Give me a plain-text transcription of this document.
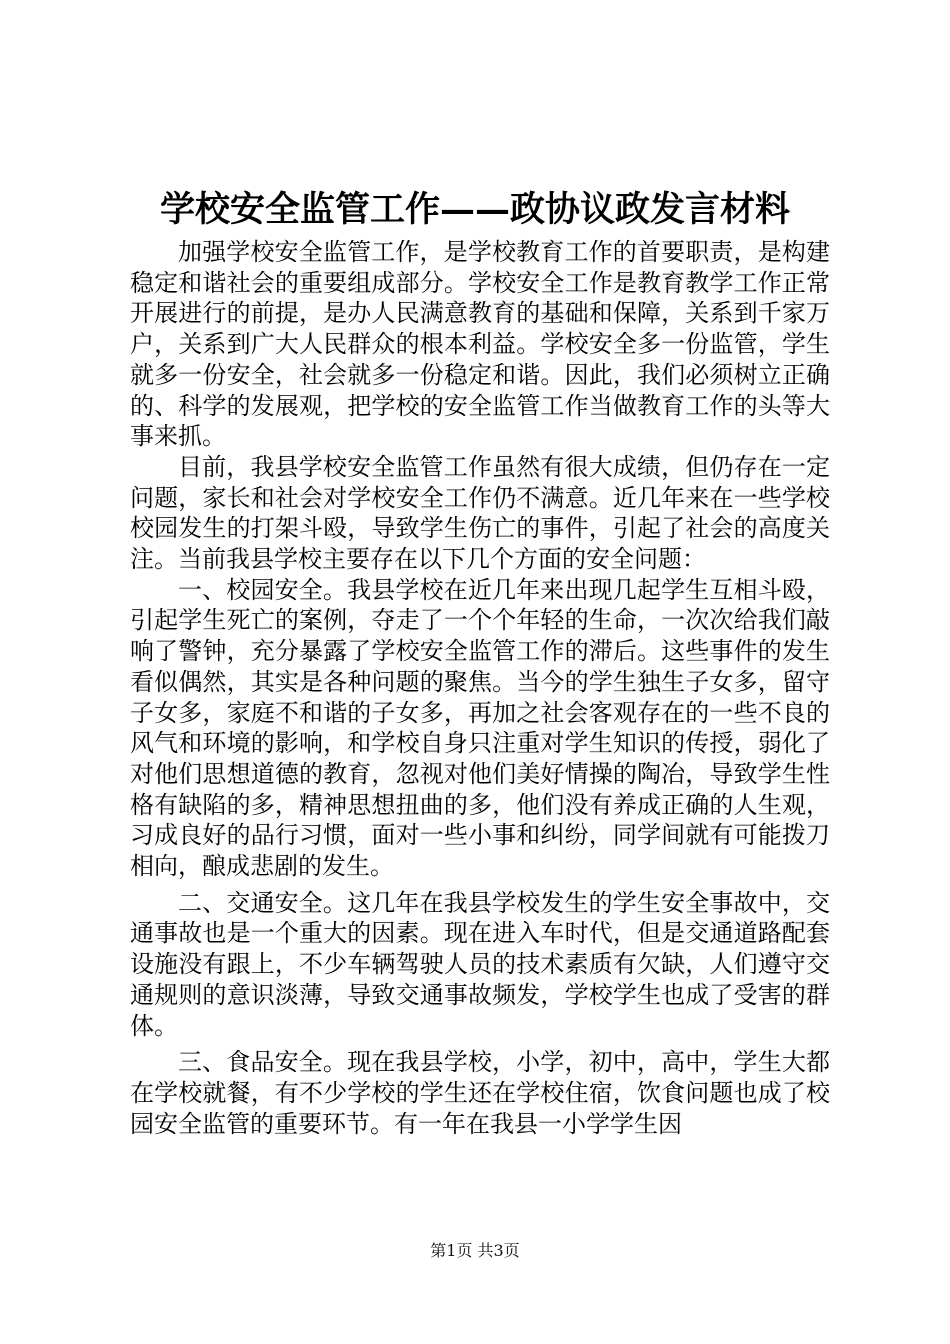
学校安全监管工作——政协议政发言材料

加强学校安全监管工作，是学校教育工作的首要职责，是构建稳定和谐社会的重要组成部分。学校安全工作是教育教学工作正常开展进行的前提，是办人民满意教育的基础和保障，关系到千家万户，关系到广大人民群众的根本利益。学校安全多一份监管，学生就多一份安全，社会就多一份稳定和谐。因此，我们必须树立正确的、科学的发展观，把学校的安全监管工作当做教育工作的头等大事来抓。

目前，我县学校安全监管工作虽然有很大成绩，但仍存在一定问题，家长和社会对学校安全工作仍不满意。近几年来在一些学校校园发生的打架斗殴，导致学生伤亡的事件，引起了社会的高度关注。当前我县学校主要存在以下几个方面的安全问题：

一、校园安全。我县学校在近几年来出现几起学生互相斗殴，引起学生死亡的案例，夺走了一个个年轻的生命，一次次给我们敲响了警钟，充分暴露了学校安全监管工作的滞后。这些事件的发生看似偶然，其实是各种问题的聚焦。当今的学生独生子女多，留守子女多，家庭不和谐的子女多，再加之社会客观存在的一些不良的风气和环境的影响，和学校自身只注重对学生知识的传授，弱化了对他们思想道德的教育，忽视对他们美好情操的陶冶，导致学生性格有缺陷的多，精神思想扭曲的多，他们没有养成正确的人生观，习成良好的品行习惯，面对一些小事和纠纷，同学间就有可能拨刀相向，酿成悲剧的发生。

二、交通安全。这几年在我县学校发生的学生安全事故中，交通事故也是一个重大的因素。现在进入车时代，但是交通道路配套设施没有跟上，不少车辆驾驶人员的技术素质有欠缺，人们遵守交通规则的意识淡薄，导致交通事故频发，学校学生也成了受害的群体。

三、食品安全。现在我县学校，小学，初中，高中，学生大都在学校就餐，有不少学校的学生还在学校住宿，饮食问题也成了校园安全监管的重要环节。有一年在我县一小学学生因

第1页 共3页
